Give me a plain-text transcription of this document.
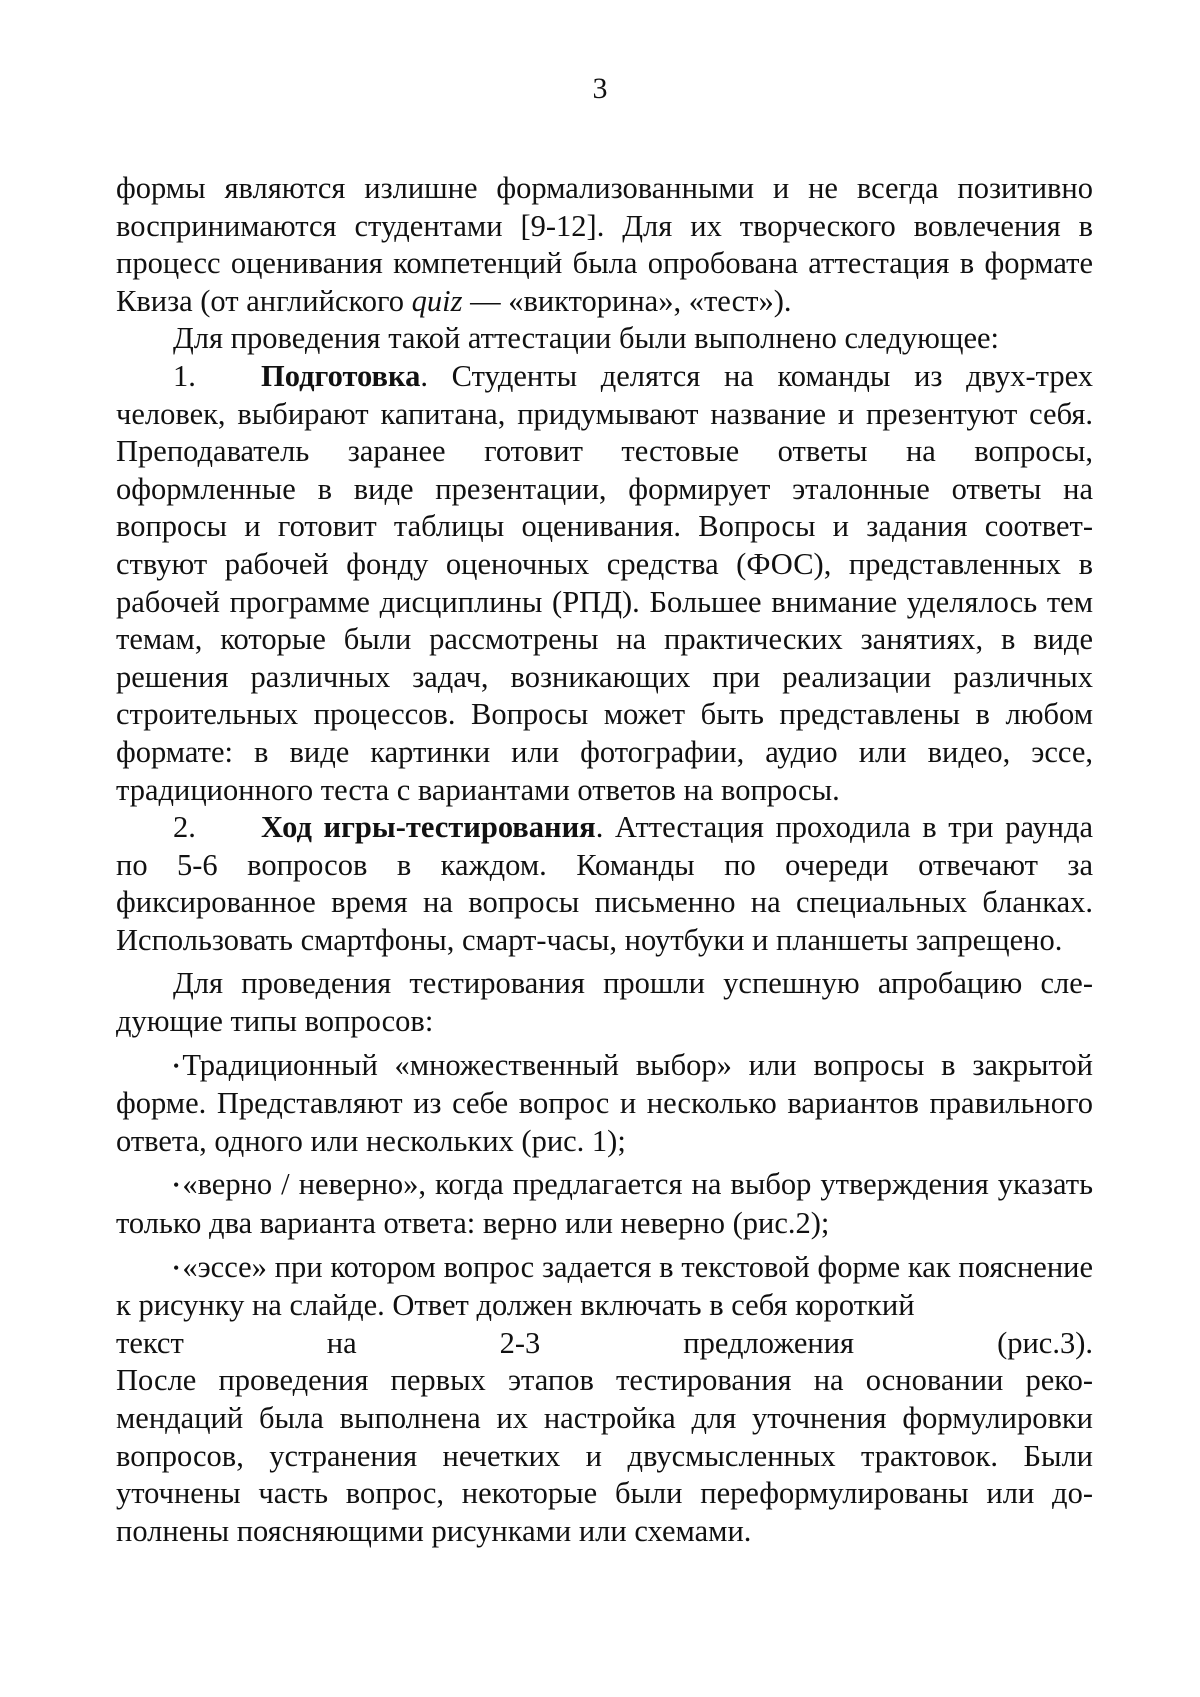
3

формы являются излишне формализованными и не всегда позитивно воспринимаются студентами [9-12]. Для их творческого вовлечения в процесс оценивания компетенций была опробована аттестация в формате Квиза (от английского quiz — «викторина», «тест»).

Для проведения такой аттестации были выполнено следующее:

1. Подготовка. Студенты делятся на команды из двух-трех человек, выбирают капитана, придумывают название и презентуют себя. Преподаватель заранее готовит тестовые ответы на вопросы, оформленные в виде презентации, формирует эталонные ответы на вопросы и готовит таблицы оценивания. Вопросы и задания соответствуют рабочей фонду оценочных средства (ФОС), представленных в рабочей программе дисциплины (РПД). Большее внимание уделялось тем темам, которые были рассмотрены на практических занятиях, в виде решения различных задач, возникающих при реализации различных строительных процессов. Вопросы может быть представлены в любом формате: в виде картинки или фотографии, аудио или видео, эссе, традиционного теста с вариантами ответов на вопросы.

2. Ход игры-тестирования. Аттестация проходила в три раунда по 5-6 вопросов в каждом. Команды по очереди отвечают за фиксированное время на вопросы письменно на специальных бланках. Использовать смартфоны, смарт-часы, ноутбуки и планшеты запрещено.

Для проведения тестирования прошли успешную апробацию следующие типы вопросов:

•Традиционный «множественный выбор» или вопросы в закрытой форме. Представляют из себе вопрос и несколько вариантов правильного ответа, одного или нескольких (рис. 1);

•«верно / неверно», когда предлагается на выбор утверждения указать только два варианта ответа: верно или неверно (рис.2);

•«эссе» при котором вопрос задается в текстовой форме как пояснение к рисунку на слайде. Ответ должен включать в себя короткий

текст на 2-3 предложения (рис.3).

После проведения первых этапов тестирования на основании рекомендаций была выполнена их настройка для уточнения формулировки вопросов, устранения нечетких и двусмысленных трактовок. Были уточнены часть вопрос, некоторые были переформулированы или дополнены поясняющими рисунками или схемами.
